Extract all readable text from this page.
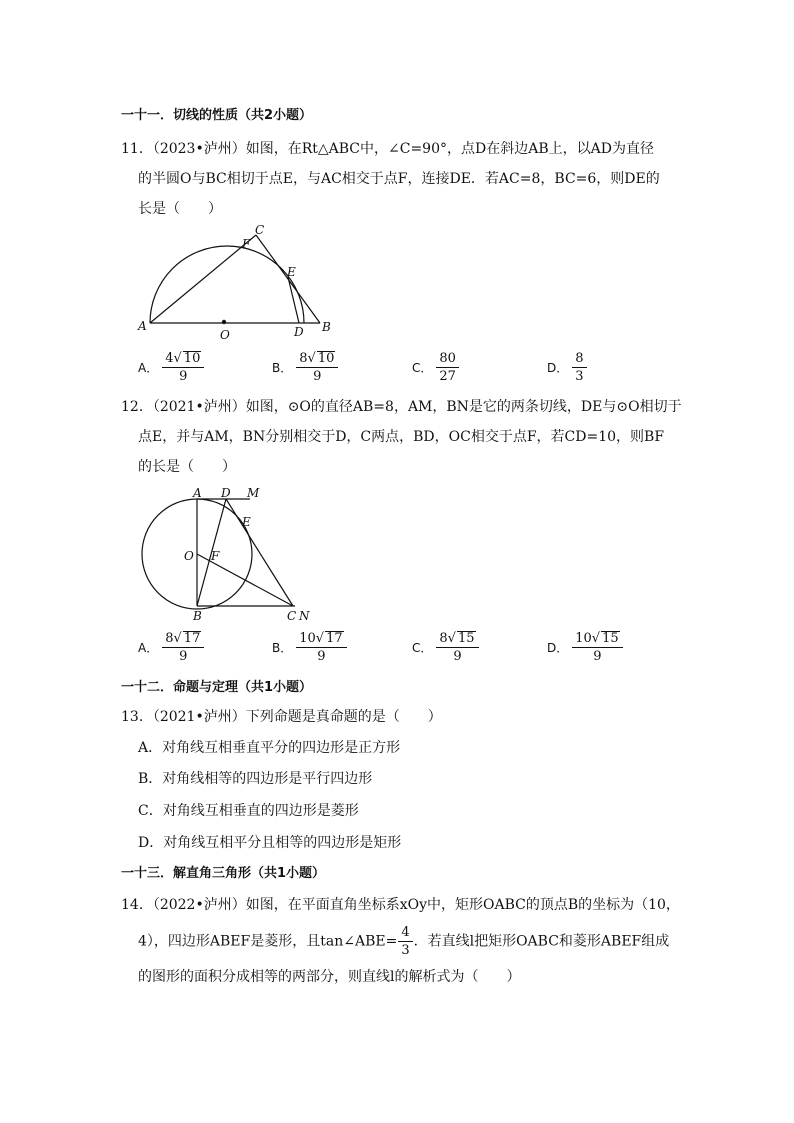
一十一．切线的性质（共2小题）
11．（2023•泸州）如图，在Rt△ABC中，∠C=90°，点D在斜边AB上，以AD为直径
的半圆O与BC相切于点E，与AC相交于点F，连接DE．若AC=8，BC=6，则DE的
长是（　　）
A
O	D B
C
F
E
A． $\frac{4√ 10}{9}$	B． $\frac{8√ 10}{9}$	C． $\frac{80}{27}$	D． $\frac{8}{3}$
12．（2021•泸州）如图，⊙O的直径AB=8，AM，BN是它的两条切线，DE与⊙O相切于
点E，并与AM，BN分别相交于D，C两点，BD，OC相交于点F，若CD=10，则BF
的长是（　　）
A D M
E
O F
B	C N
A． $\frac{8√ 17}{9}$	B． $\frac{10√ 17}{9}$	C． $\frac{8√ 15}{9}$	D． $\frac{10√ 15}{9}$
一十二．命题与定理（共1小题）
13．（2021•泸州）下列命题是真命题的是（　　）
A．对角线互相垂直平分的四边形是正方形
B．对角线相等的四边形是平行四边形
C．对角线互相垂直的四边形是菱形
D．对角线互相平分且相等的四边形是矩形
一十三．解直角三角形（共1小题）
14．（2022•泸州）如图，在平面直角坐标系xOy中，矩形OABC的顶点B的坐标为（10，
4），四边形ABEF是菱形，且tan∠ABE= $\frac{4}{3}$ ．若直线l把矩形OABC和菱形ABEF组成
的图形的面积分成相等的两部分，则直线l的解析式为（　　）
